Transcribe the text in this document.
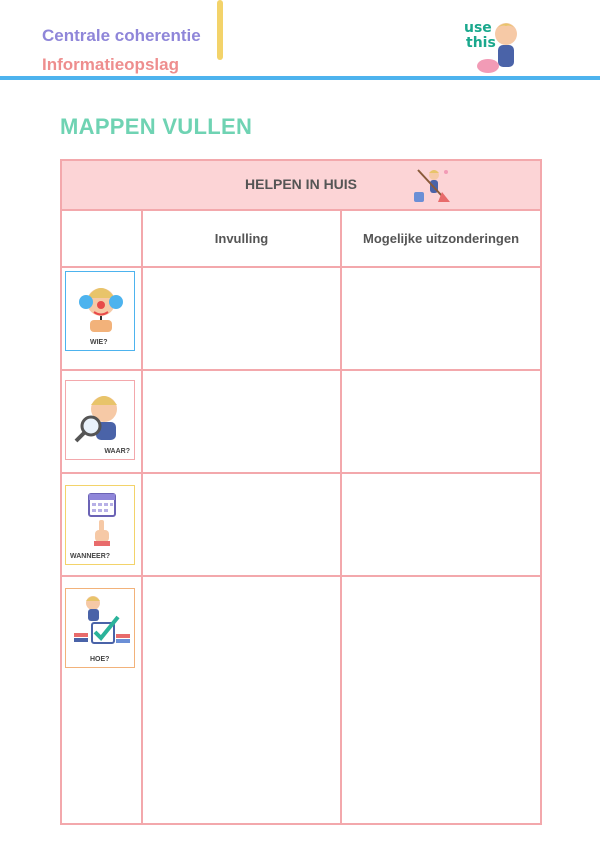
Centrale coherentie
Informatieopslag
use
this
MAPPEN VULLEN
HELPEN IN HUIS		

	Invulling	Mogelijke uitzonderingen

WIE?		

WAAR?		

WANNEER?		

HOE?		
